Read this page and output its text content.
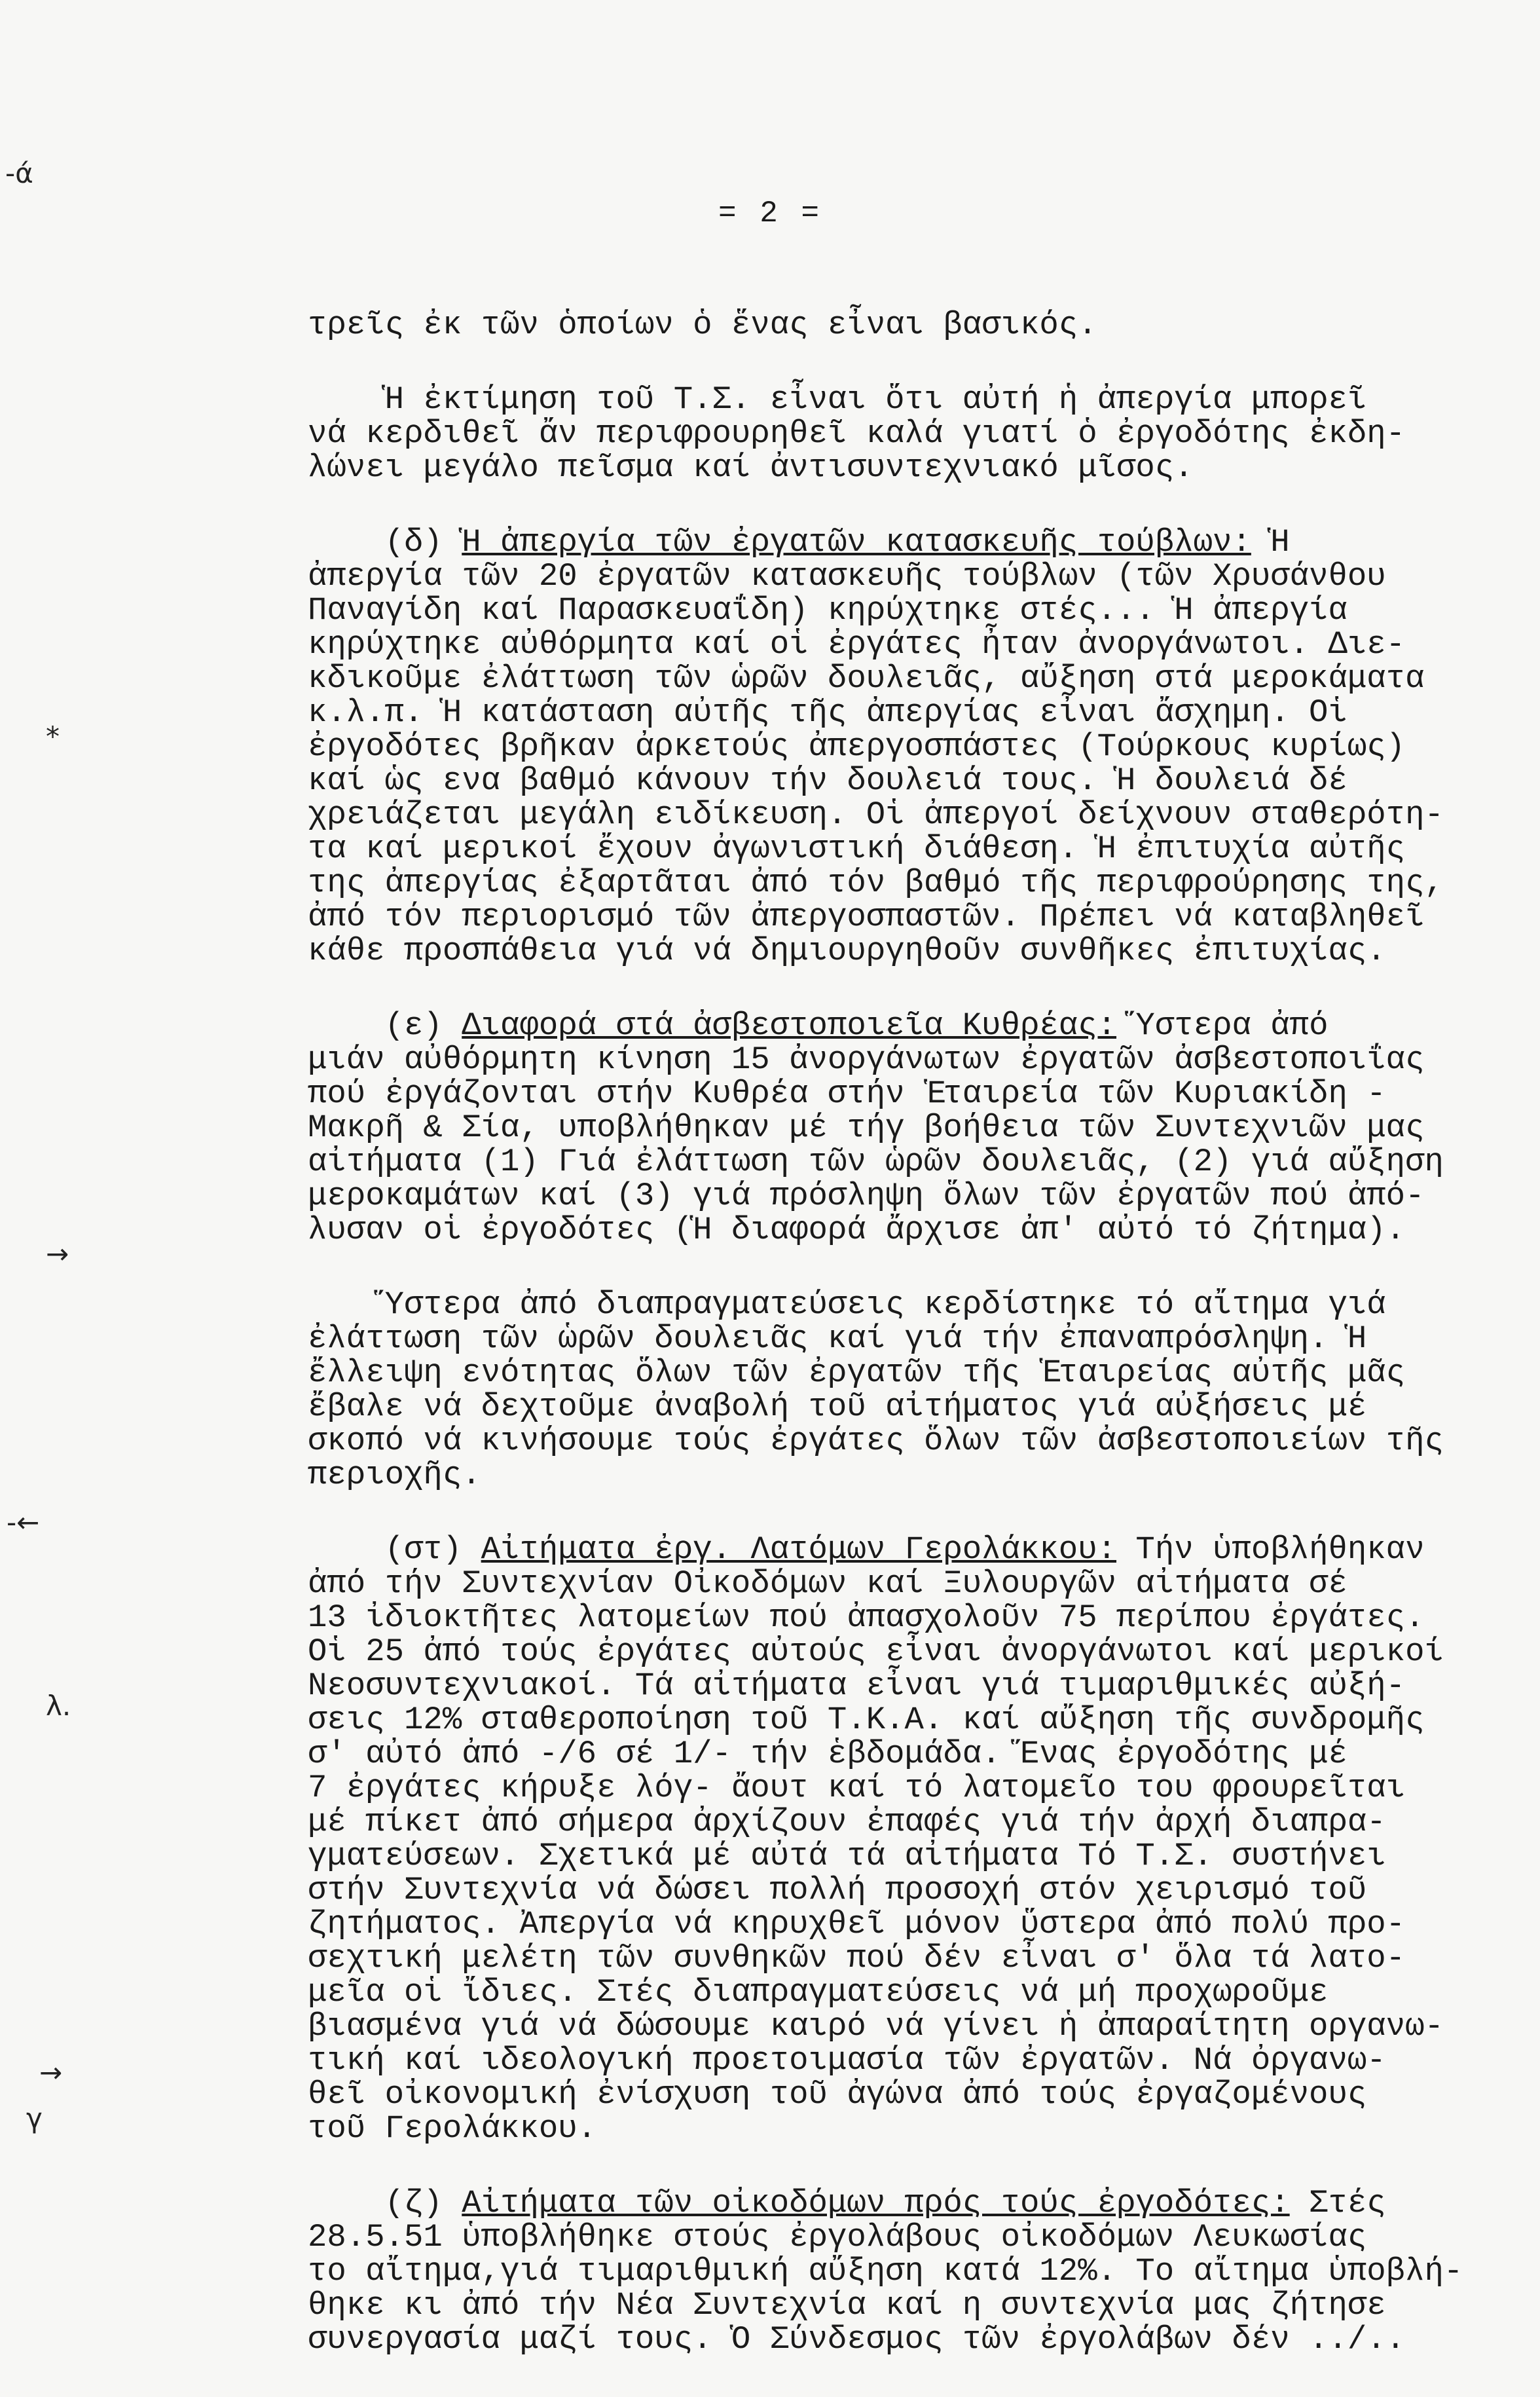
= 2 =
-ά
*
→
-←
λ.
→
γ
τρεῖς ἐκ τῶν ὁποίων ὁ ἕνας εἶναι βασικός.
Ἡ ἐκτίμηση τοῦ Τ.Σ. εἶναι ὅτι αὐτή ἡ ἀπεργία μπορεῖ
νά κερδιθεῖ ἄν περιφρουρηθεῖ καλά γιατί ὁ ἐργοδότης ἐκδη-
λώνει μεγάλο πεῖσμα καί ἀντισυντεχνιακό μῖσος.
(δ) Ἡ ἀπεργία τῶν ἐργατῶν κατασκευῆς τούβλων: Ἡ
ἀπεργία τῶν 20 ἐργατῶν κατασκευῆς τούβλων (τῶν Χρυσάνθου
Παναγίδη καί Παρασκευαΐδη) κηρύχτηκε στές... Ἡ ἀπεργία
κηρύχτηκε αὐθόρμητα καί οἱ ἐργάτες ἦταν ἀνοργάνωτοι. Διε-
κδικοῦμε ἐλάττωση τῶν ὡρῶν δουλειᾶς, αὔξηση στά μεροκάματα
κ.λ.π. Ἡ κατάσταση αὐτῆς τῆς ἀπεργίας εἶναι ἄσχημη. Οἱ
ἐργοδότες βρῆκαν ἀρκετούς ἀπεργοσπάστες (Τούρκους κυρίως)
καί ὡς ενα βαθμό κάνουν τήν δουλειά τους. Ἡ δουλειά δέ
χρειάζεται μεγάλη ειδίκευση. Οἱ ἀπεργοί δείχνουν σταθερότη-
τα καί μερικοί ἔχουν ἀγωνιστική διάθεση. Ἡ ἐπιτυχία αὐτῆς
της ἀπεργίας ἐξαρτᾶται ἀπό τόν βαθμό τῆς περιφρούρησης της,
ἀπό τόν περιορισμό τῶν ἀπεργοσπαστῶν. Πρέπει νά καταβληθεῖ
κάθε προσπάθεια γιά νά δημιουργηθοῦν συνθῆκες ἐπιτυχίας.
(ε) Διαφορά στά ἀσβεστοποιεῖα Κυθρέας: Ὕστερα ἀπό
μιάν αὐθόρμητη κίνηση 15 ἀνοργάνωτων ἐργατῶν ἀσβεστοποιΐας
πού ἐργάζονται στήν Κυθρέα στήν Ἑταιρεία τῶν Κυριακίδη -
Μακρῆ & Σία, υποβλήθηκαν μέ τήγ βοήθεια τῶν Συντεχνιῶν μας
αἰτήματα (1) Γιά ἐλάττωση τῶν ὡρῶν δουλειᾶς, (2) γιά αὔξηση
μεροκαμάτων καί (3) γιά πρόσληψη ὅλων τῶν ἐργατῶν πού ἀπό-
λυσαν οἱ ἐργοδότες (Ἡ διαφορά ἄρχισε ἀπ' αὐτό τό ζήτημα).
Ὕστερα ἀπό διαπραγματεύσεις κερδίστηκε τό αἴτημα γιά
ἐλάττωση τῶν ὡρῶν δουλειᾶς καί γιά τήν ἐπαναπρόσληψη. Ἡ
ἔλλειψη ενότητας ὅλων τῶν ἐργατῶν τῆς Ἑταιρείας αὐτῆς μᾶς
ἔβαλε νά δεχτοῦμε ἀναβολή τοῦ αἰτήματος γιά αὐξήσεις μέ
σκοπό νά κινήσουμε τούς ἐργάτες ὅλων τῶν ἀσβεστοποιείων τῆς
περιοχῆς.
(στ) Αἰτήματα ἐργ. Λατόμων Γερολάκκου: Τήν ὑποβλήθηκαν
ἀπό τήν Συντεχνίαν Οἰκοδόμων καί Ξυλουργῶν αἰτήματα σέ
13 ἰδιοκτῆτες λατομείων πού ἀπασχολοῦν 75 περίπου ἐργάτες.
Οἱ 25 ἀπό τούς ἐργάτες αὐτούς εἶναι ἀνοργάνωτοι καί μερικοί
Νεοσυντεχνιακοί. Τά αἰτήματα εἶναι γιά τιμαριθμικές αὐξή-
σεις 12% σταθεροποίηση τοῦ Τ.Κ.Α. καί αὔξηση τῆς συνδρομῆς
σ' αὐτό ἀπό -/6 σέ 1/- τήν ἑβδομάδα. Ἕνας ἐργοδότης μέ
7 ἐργάτες κήρυξε λόγ- ἄουτ καί τό λατομεῖο του φρουρεῖται
μέ πίκετ ἀπό σήμερα ἀρχίζουν ἐπαφές γιά τήν ἀρχή διαπρα-
γματεύσεων. Σχετικά μέ αὐτά τά αἰτήματα Τό Τ.Σ. συστήνει
στήν Συντεχνία νά δώσει πολλή προσοχή στόν χειρισμό τοῦ
ζητήματος. Ἀπεργία νά κηρυχθεῖ μόνον ὕστερα ἀπό πολύ προ-
σεχτική μελέτη τῶν συνθηκῶν πού δέν εἶναι σ' ὅλα τά λατο-
μεῖα οἱ ἴδιες. Στές διαπραγματεύσεις νά μή προχωροῦμε
βιασμένα γιά νά δώσουμε καιρό νά γίνει ἡ ἀπαραίτητη οργανω-
τική καί ιδεολογική προετοιμασία τῶν ἐργατῶν. Νά ὀργανω-
θεῖ οἰκονομική ἐνίσχυση τοῦ ἀγώνα ἀπό τούς ἐργαζομένους
τοῦ Γερολάκκου.
(ζ) Αἰτήματα τῶν οἰκοδόμων πρός τούς ἐργοδότες: Στές
28.5.51 ὑποβλήθηκε στούς ἐργολάβους οἰκοδόμων Λευκωσίας
το αἴτημα,γιά τιμαριθμική αὔξηση κατά 12%. Το αἴτημα ὑποβλή-
θηκε κι ἀπό τήν Νέα Συντεχνία καί η συντεχνία μας ζήτησε
συνεργασία μαζί τους. Ὁ Σύνδεσμος τῶν ἐργολάβων δέν ../..
